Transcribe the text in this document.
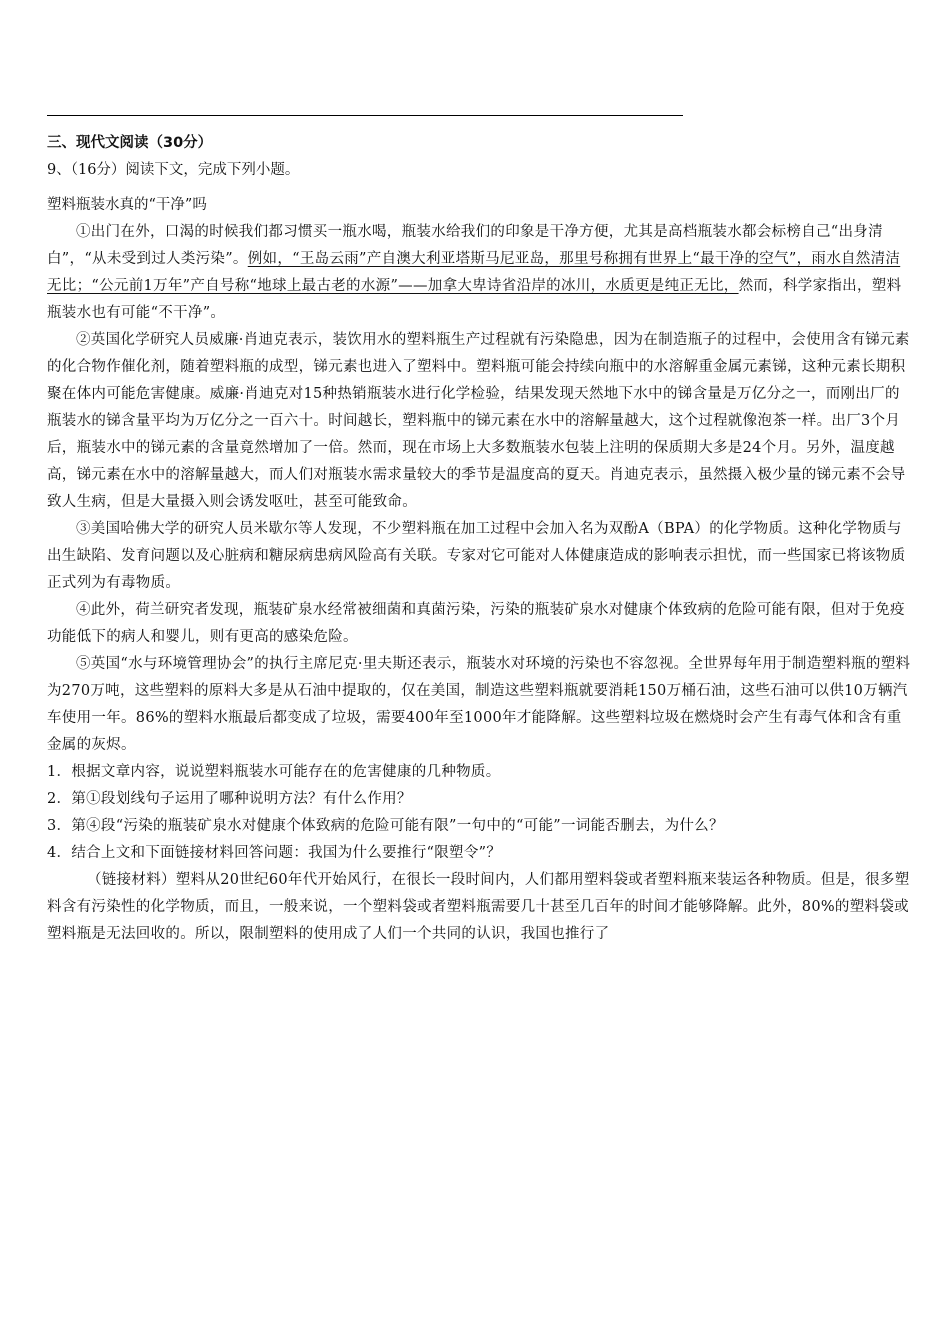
三、现代文阅读（30分）

9、（16分）阅读下文，完成下列小题。

塑料瓶装水真的“干净”吗

①出门在外，口渴的时候我们都习惯买一瓶水喝，瓶装水给我们的印象是干净方便，尤其是高档瓶装水都会标榜自己“出身清白”，“从未受到过人类污染”。例如，“王岛云雨”产自澳大利亚塔斯马尼亚岛，那里号称拥有世界上“最干净的空气”，雨水自然清洁无比；“公元前1万年”产自号称“地球上最古老的水源”——加拿大卑诗省沿岸的冰川，水质更是纯正无比，然而，科学家指出，塑料瓶装水也有可能“不干净”。

②英国化学研究人员威廉·肖迪克表示，装饮用水的塑料瓶生产过程就有污染隐患，因为在制造瓶子的过程中，会使用含有锑元素的化合物作催化剂，随着塑料瓶的成型，锑元素也进入了塑料中。塑料瓶可能会持续向瓶中的水溶解重金属元素锑，这种元素长期积聚在体内可能危害健康。威廉·肖迪克对15种热销瓶装水进行化学检验，结果发现天然地下水中的锑含量是万亿分之一，而刚出厂的瓶装水的锑含量平均为万亿分之一百六十。时间越长，塑料瓶中的锑元素在水中的溶解量越大，这个过程就像泡茶一样。出厂3个月后，瓶装水中的锑元素的含量竟然增加了一倍。然而，现在市场上大多数瓶装水包装上注明的保质期大多是24个月。另外，温度越高，锑元素在水中的溶解量越大，而人们对瓶装水需求量较大的季节是温度高的夏天。肖迪克表示，虽然摄入极少量的锑元素不会导致人生病，但是大量摄入则会诱发呕吐，甚至可能致命。

③美国哈佛大学的研究人员米歇尔等人发现，不少塑料瓶在加工过程中会加入名为双酚A（BPA）的化学物质。这种化学物质与出生缺陷、发育问题以及心脏病和糖尿病患病风险高有关联。专家对它可能对人体健康造成的影响表示担忧，而一些国家已将该物质正式列为有毒物质。

④此外，荷兰研究者发现，瓶装矿泉水经常被细菌和真菌污染，污染的瓶装矿泉水对健康个体致病的危险可能有限，但对于免疫功能低下的病人和婴儿，则有更高的感染危险。

⑤英国“水与环境管理协会”的执行主席尼克·里夫斯还表示，瓶装水对环境的污染也不容忽视。全世界每年用于制造塑料瓶的塑料为270万吨，这些塑料的原料大多是从石油中提取的，仅在美国，制造这些塑料瓶就要消耗150万桶石油，这些石油可以供10万辆汽车使用一年。86%的塑料水瓶最后都变成了垃圾，需要400年至1000年才能降解。这些塑料垃圾在燃烧时会产生有毒气体和含有重金属的灰烬。

1．根据文章内容，说说塑料瓶装水可能存在的危害健康的几种物质。

2．第①段划线句子运用了哪种说明方法？有什么作用？

3．第④段“污染的瓶装矿泉水对健康个体致病的危险可能有限”一句中的“可能”一词能否删去，为什么？

4．结合上文和下面链接材料回答问题：我国为什么要推行“限塑令”？

（链接材料）塑料从20世纪60年代开始风行，在很长一段时间内，人们都用塑料袋或者塑料瓶来装运各种物质。但是，很多塑料含有污染性的化学物质，而且，一般来说，一个塑料袋或者塑料瓶需要几十甚至几百年的时间才能够降解。此外，80%的塑料袋或塑料瓶是无法回收的。所以，限制塑料的使用成了人们一个共同的认识，我国也推行了
